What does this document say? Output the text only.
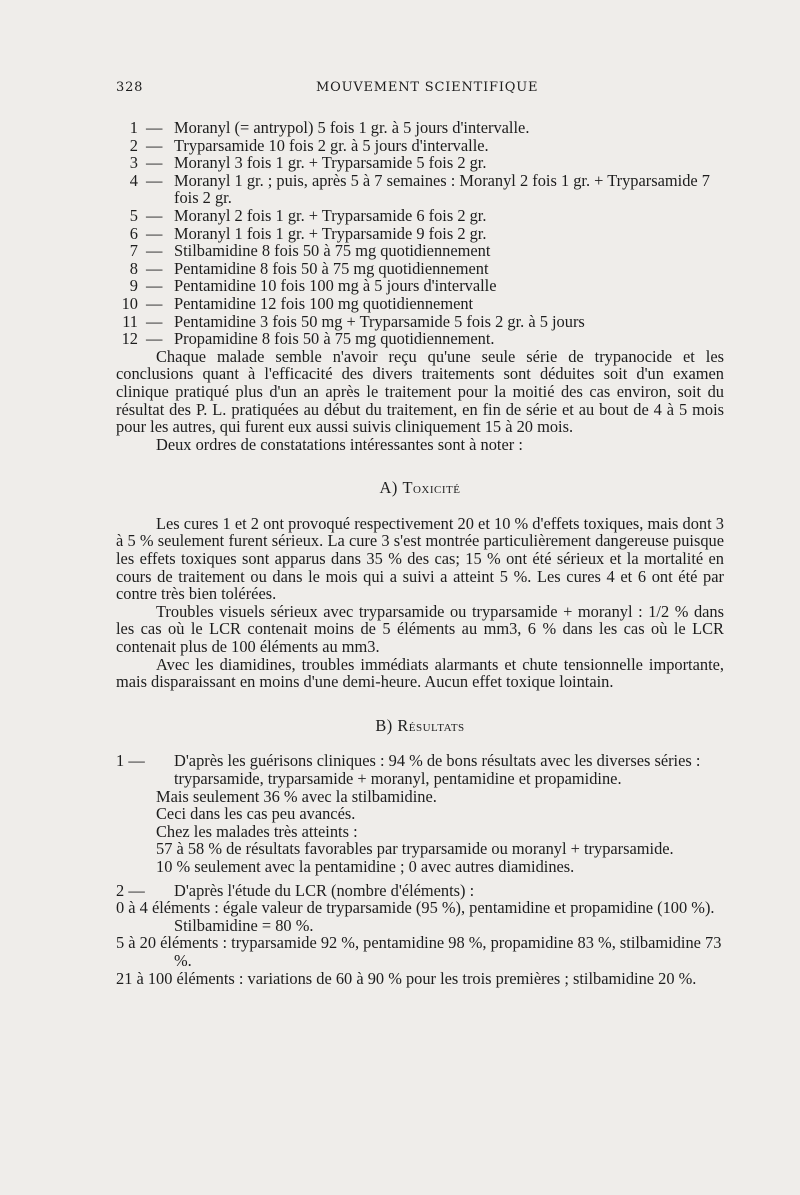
328	MOUVEMENT SCIENTIFIQUE
1 — Moranyl (= antrypol) 5 fois 1 gr. à 5 jours d'intervalle.
2 — Tryparsamide 10 fois 2 gr. à 5 jours d'intervalle.
3 — Moranyl 3 fois 1 gr. + Tryparsamide 5 fois 2 gr.
4 — Moranyl 1 gr. ; puis, après 5 à 7 semaines : Moranyl 2 fois 1 gr. + Tryparsamide 7 fois 2 gr.
5 — Moranyl 2 fois 1 gr. + Tryparsamide 6 fois 2 gr.
6 — Moranyl 1 fois 1 gr. + Tryparsamide 9 fois 2 gr.
7 — Stilbamidine 8 fois 50 à 75 mg quotidiennement
8 — Pentamidine 8 fois 50 à 75 mg quotidiennement
9 — Pentamidine 10 fois 100 mg à 5 jours d'intervalle
10 — Pentamidine 12 fois 100 mg quotidiennement
11 — Pentamidine 3 fois 50 mg + Tryparsamide 5 fois 2 gr. à 5 jours
12 — Propamidine 8 fois 50 à 75 mg quotidiennement.

Chaque malade semble n'avoir reçu qu'une seule série de trypanocide et les conclusions quant à l'efficacité des divers traitements sont déduites soit d'un examen clinique pratiqué plus d'un an après le traitement pour la moitié des cas environ, soit du résultat des P. L. pratiquées au début du traitement, en fin de série et au bout de 4 à 5 mois pour les autres, qui furent eux aussi suivis cliniquement 15 à 20 mois.

Deux ordres de constatations intéressantes sont à noter :

A) Toxicité

Les cures 1 et 2 ont provoqué respectivement 20 et 10 % d'effets toxiques, mais dont 3 à 5 % seulement furent sérieux. La cure 3 s'est montrée particulièrement dangereuse puisque les effets toxiques sont apparus dans 35 % des cas; 15 % ont été sérieux et la mortalité en cours de traitement ou dans le mois qui a suivi a atteint 5 %. Les cures 4 et 6 ont été par contre très bien tolérées.

Troubles visuels sérieux avec tryparsamide ou tryparsamide + moranyl : 1/2 % dans les cas où le LCR contenait moins de 5 éléments au mm3, 6 % dans les cas où le LCR contenait plus de 100 éléments au mm3.

Avec les diamidines, troubles immédiats alarmants et chute tensionnelle importante, mais disparaissant en moins d'une demi-heure. Aucun effet toxique lointain.

B) Résultats
1 — D'après les guérisons cliniques : 94 % de bons résultats avec les diverses séries : tryparsamide, tryparsamide + moranyl, pentamidine et propamidine.

Mais seulement 36 % avec la stilbamidine.

Ceci dans les cas peu avancés.

Chez les malades très atteints :

57 à 58 % de résultats favorables par tryparsamide ou moranyl + tryparsamide.

10 % seulement avec la pentamidine ; 0 avec autres diamidines.

2 — D'après l'étude du LCR (nombre d'éléments) :

0 à 4 éléments : égale valeur de tryparsamide (95 %), pentamidine et propamidine (100 %). Stilbamidine = 80 %.

5 à 20 éléments : tryparsamide 92 %, pentamidine 98 %, propamidine 83 %, stilbamidine 73 %.

21 à 100 éléments : variations de 60 à 90 % pour les trois premières ; stilbamidine 20 %.
